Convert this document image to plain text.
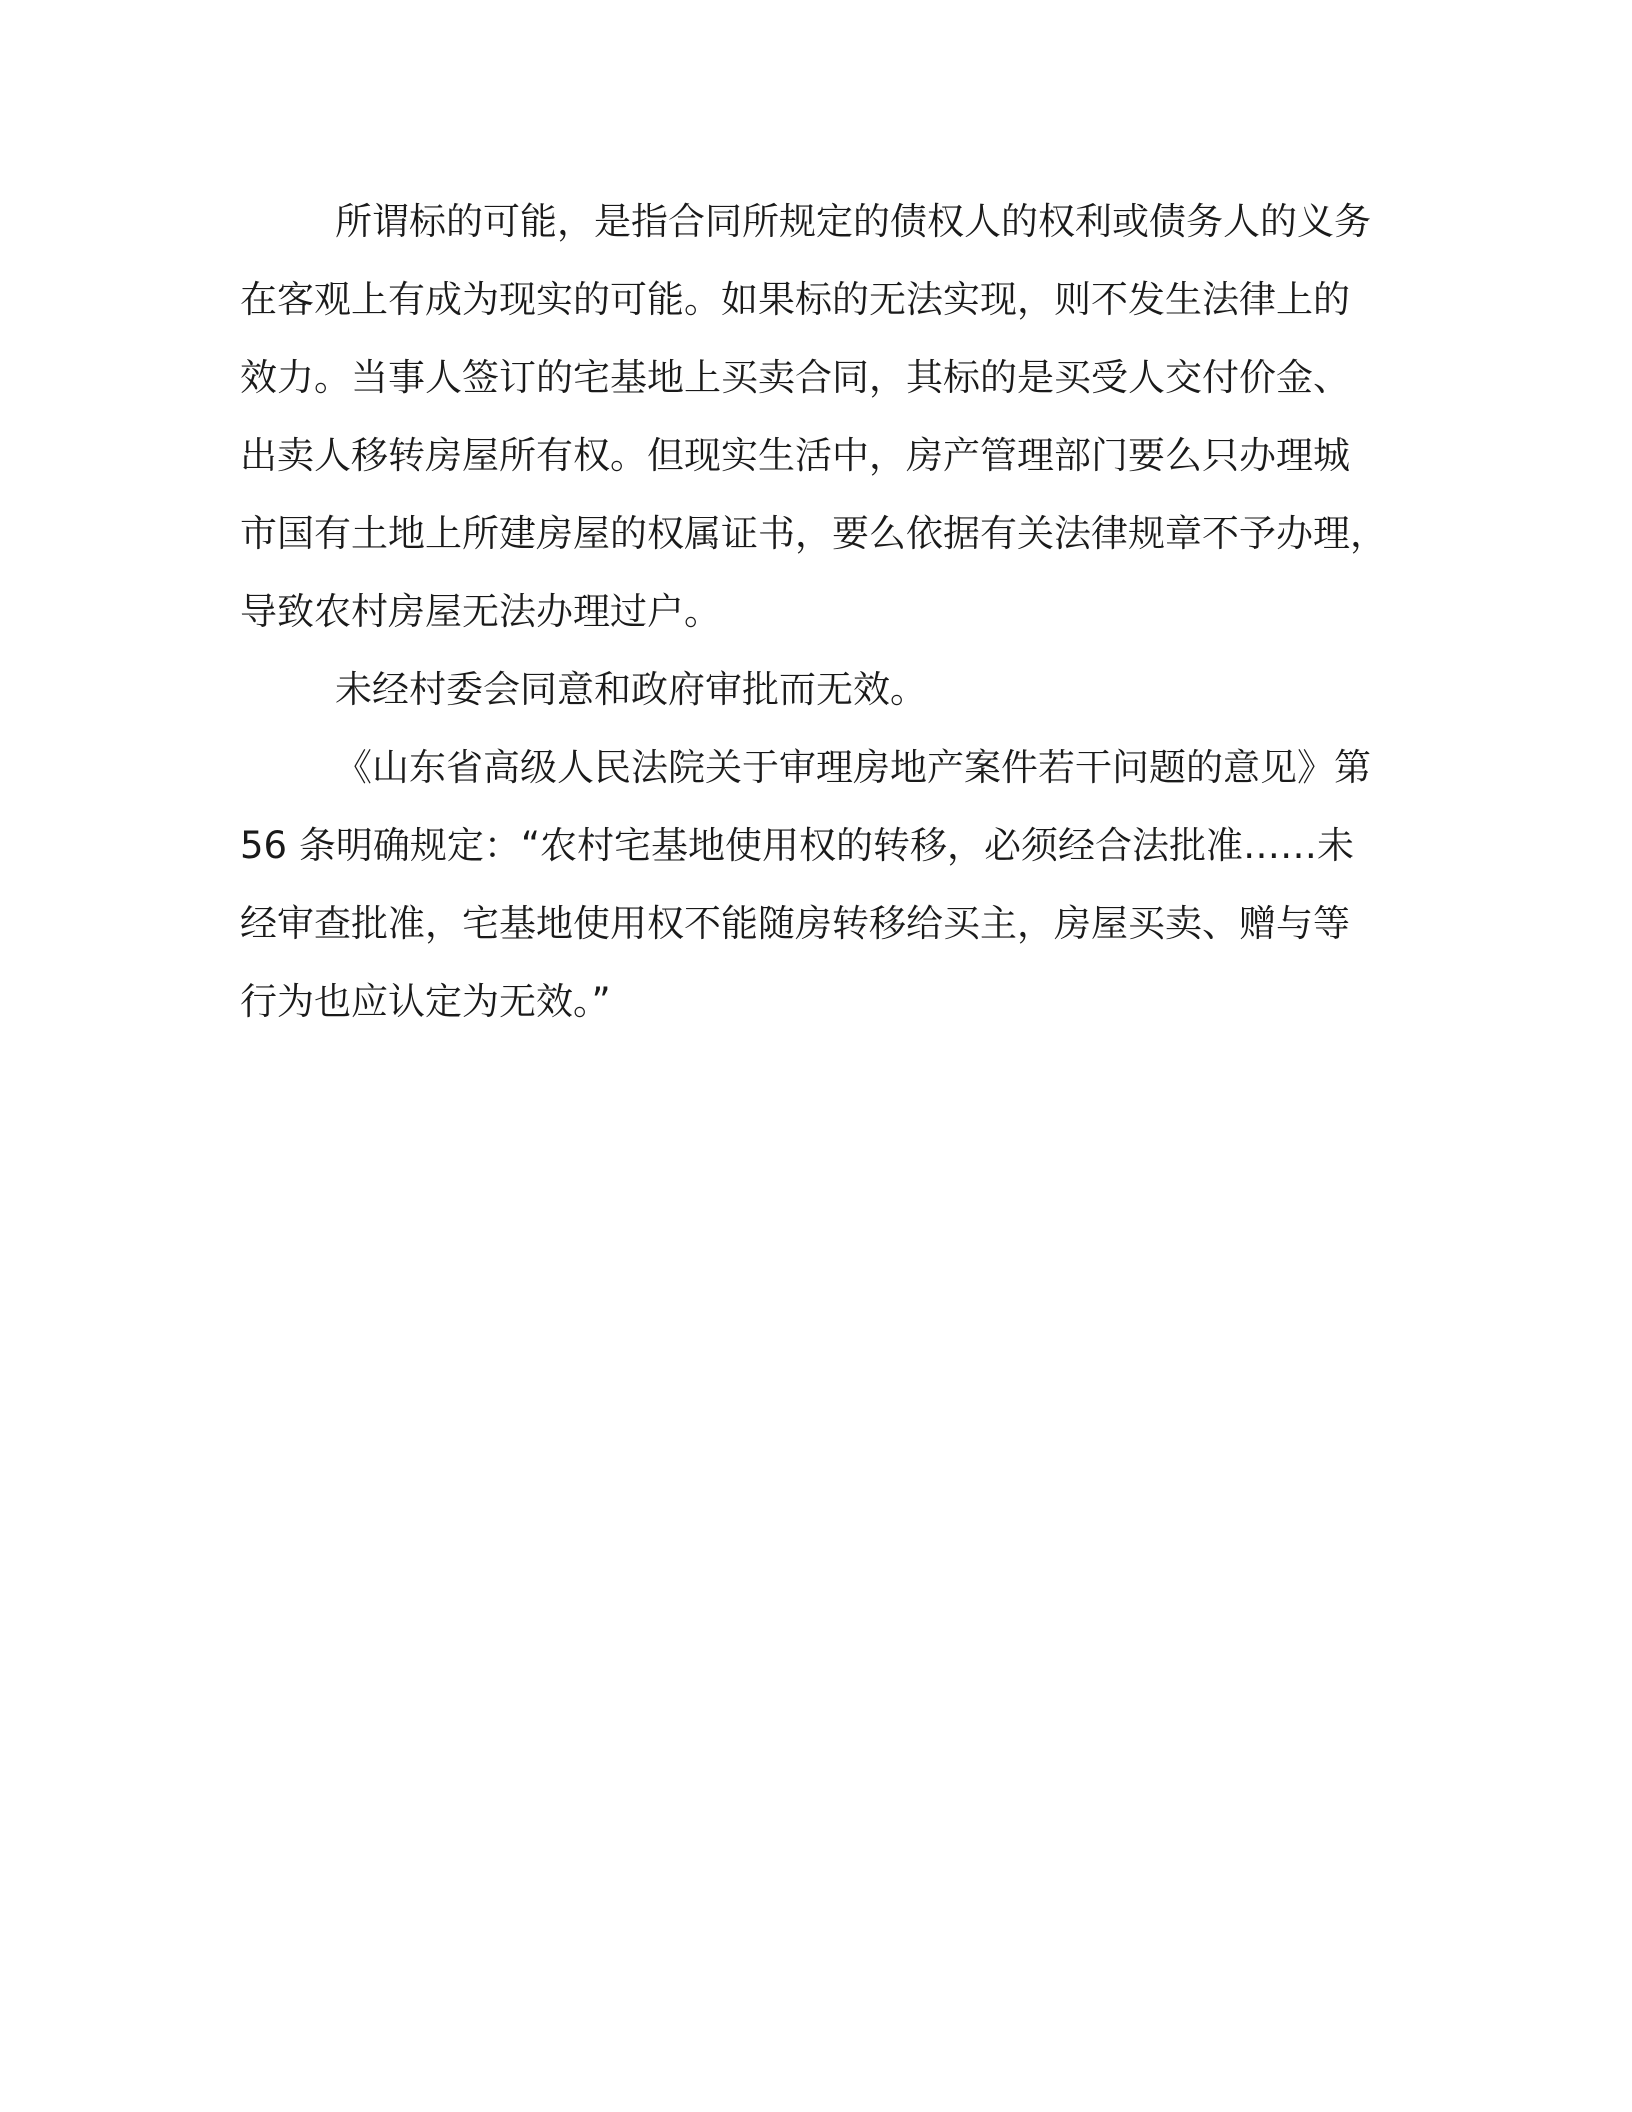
所谓标的可能，是指合同所规定的债权人的权利或债务人的义务
在客观上有成为现实的可能。如果标的无法实现，则不发生法律上的
效力。当事人签订的宅基地上买卖合同，其标的是买受人交付价金、
出卖人移转房屋所有权。但现实生活中，房产管理部门要么只办理城
市国有土地上所建房屋的权属证书，要么依据有关法律规章不予办理，
导致农村房屋无法办理过户。
未经村委会同意和政府审批而无效。
《山东省高级人民法院关于审理房地产案件若干问题的意见》第
56 条明确规定：“农村宅基地使用权的转移，必须经合法批准……未
经审查批准，宅基地使用权不能随房转移给买主，房屋买卖、赠与等
行为也应认定为无效。”
